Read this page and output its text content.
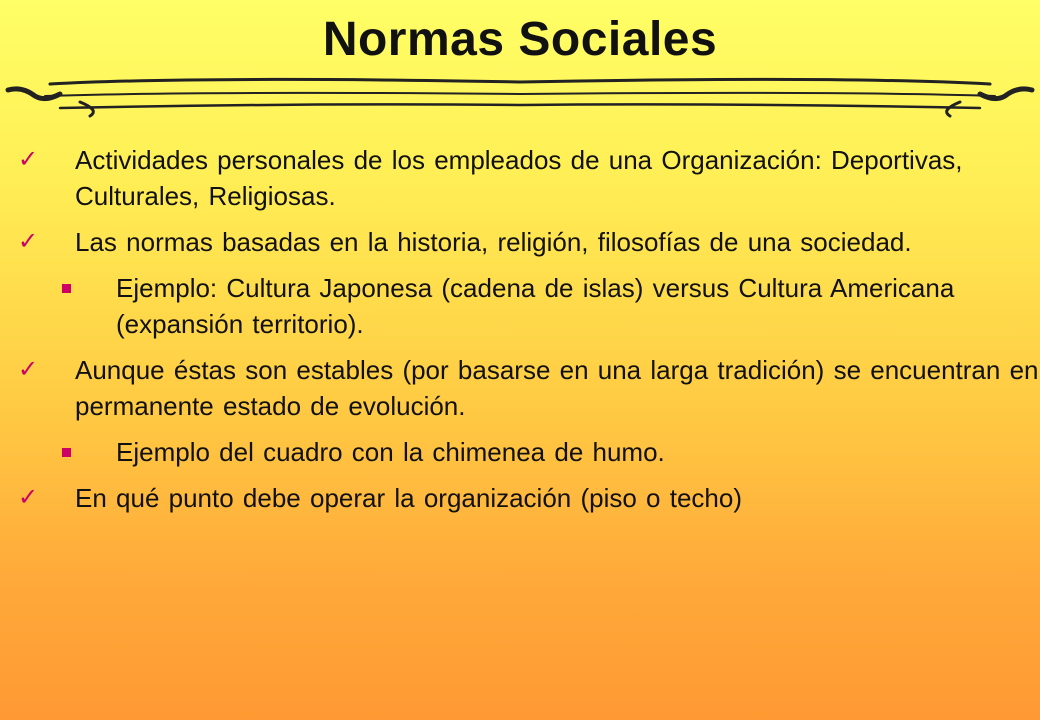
Normas Sociales
✓ Actividades personales de los empleados de una Organización: Deportivas, Culturales, Religiosas.
✓ Las normas basadas en la historia, religión, filosofías de una sociedad.
Ejemplo: Cultura Japonesa (cadena de islas) versus Cultura Americana (expansión territorio).
✓ Aunque éstas son estables (por basarse en una larga tradición) se encuentran en permanente estado de evolución.
Ejemplo del cuadro con la chimenea de humo.
✓ En qué punto debe operar la organización (piso o techo)
